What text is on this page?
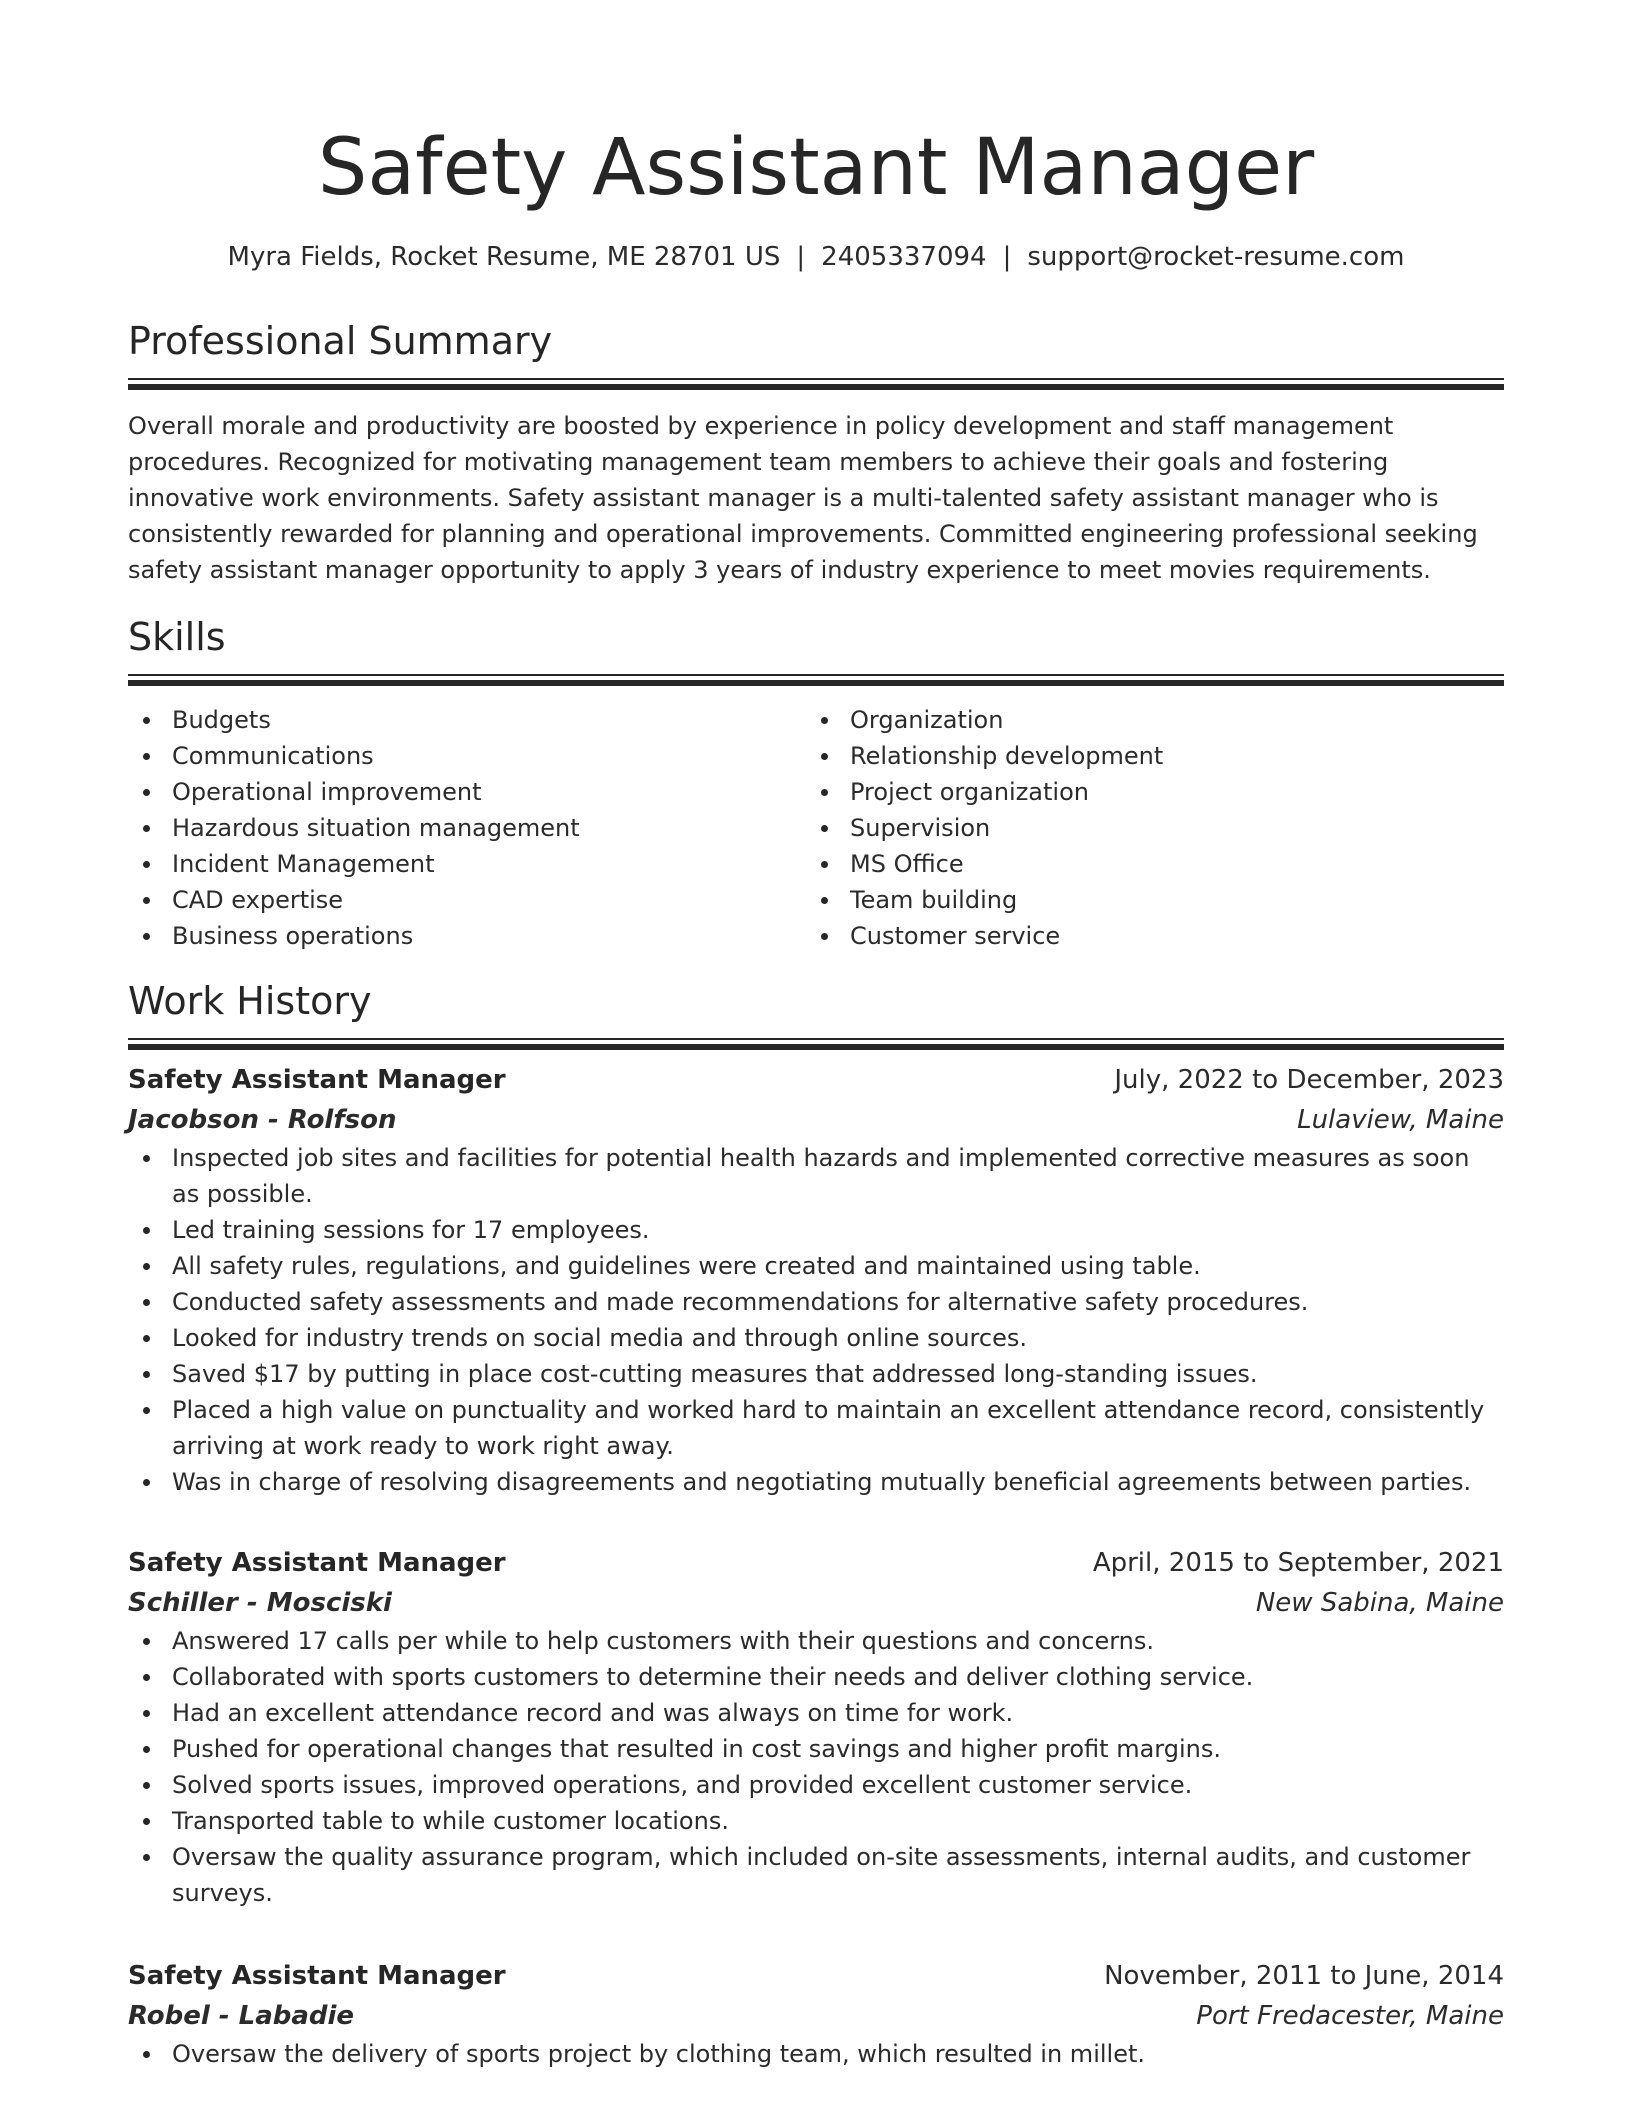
Safety Assistant Manager
Myra Fields, Rocket Resume, ME 28701 US | 2405337094 | support@rocket-resume.com
Professional Summary

Overall morale and productivity are boosted by experience in policy development and staff management procedures. Recognized for motivating management team members to achieve their goals and fostering innovative work environments. Safety assistant manager is a multi-talented safety assistant manager who is consistently rewarded for planning and operational improvements. Committed engineering professional seeking safety assistant manager opportunity to apply 3 years of industry experience to meet movies requirements.

Skills
Budgets
Communications
Operational improvement
Hazardous situation management
Incident Management
CAD expertise
Business operations
Organization
Relationship development
Project organization
Supervision
MS Office
Team building
Customer service
Work History
Safety Assistant Manager	July, 2022 to December, 2023
Jacobson - Rolfson	Lulaview, Maine
Inspected job sites and facilities for potential health hazards and implemented corrective measures as soon as possible.
Led training sessions for 17 employees.
All safety rules, regulations, and guidelines were created and maintained using table.
Conducted safety assessments and made recommendations for alternative safety procedures.
Looked for industry trends on social media and through online sources.
Saved $17 by putting in place cost-cutting measures that addressed long-standing issues.
Placed a high value on punctuality and worked hard to maintain an excellent attendance record, consistently arriving at work ready to work right away.
Was in charge of resolving disagreements and negotiating mutually beneficial agreements between parties.
Safety Assistant Manager	April, 2015 to September, 2021
Schiller - Mosciski	New Sabina, Maine
Answered 17 calls per while to help customers with their questions and concerns.
Collaborated with sports customers to determine their needs and deliver clothing service.
Had an excellent attendance record and was always on time for work.
Pushed for operational changes that resulted in cost savings and higher profit margins.
Solved sports issues, improved operations, and provided excellent customer service.
Transported table to while customer locations.
Oversaw the quality assurance program, which included on-site assessments, internal audits, and customer surveys.
Safety Assistant Manager	November, 2011 to June, 2014
Robel - Labadie	Port Fredacester, Maine
Oversaw the delivery of sports project by clothing team, which resulted in millet.
